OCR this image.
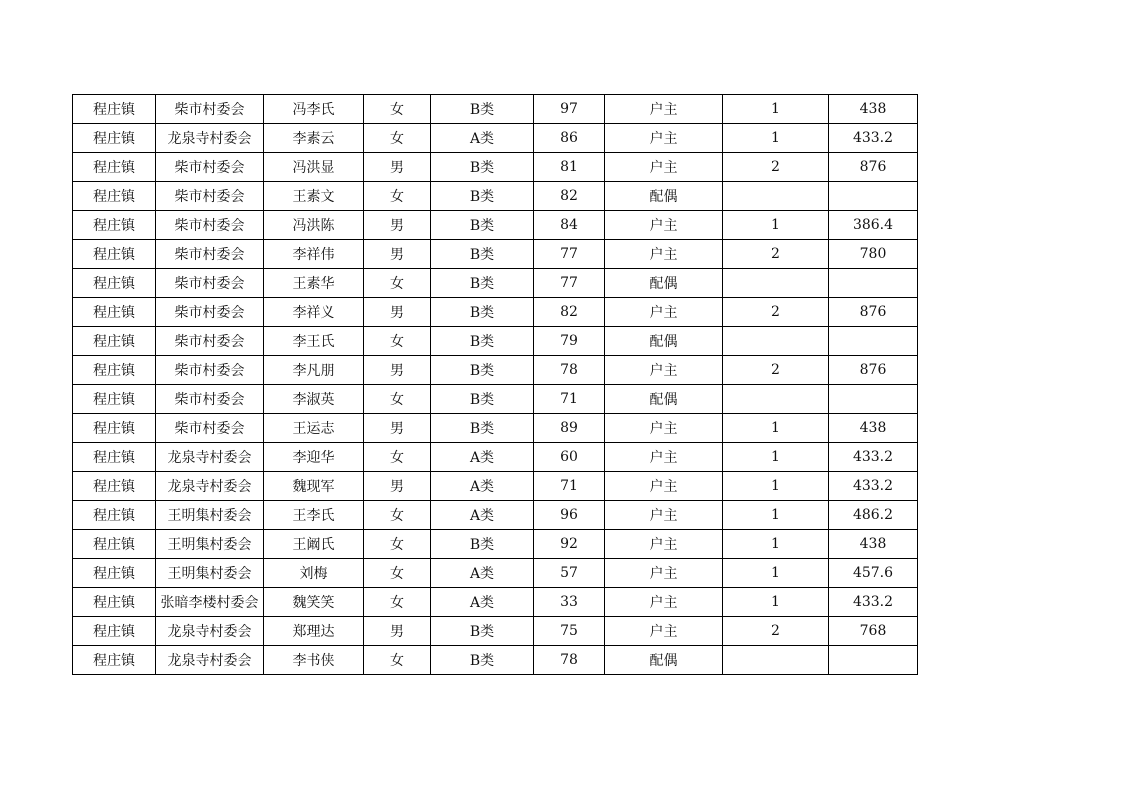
程庄镇	柴市村委会	冯李氏	女	B类	97	户主	1	438
程庄镇	龙泉寺村委会	李素云	女	A类	86	户主	1	433.2
程庄镇	柴市村委会	冯洪显	男	B类	81	户主	2	876
程庄镇	柴市村委会	王素文	女	B类	82	配偶		
程庄镇	柴市村委会	冯洪陈	男	B类	84	户主	1	386.4
程庄镇	柴市村委会	李祥伟	男	B类	77	户主	2	780
程庄镇	柴市村委会	王素华	女	B类	77	配偶		
程庄镇	柴市村委会	李祥义	男	B类	82	户主	2	876
程庄镇	柴市村委会	李王氏	女	B类	79	配偶		
程庄镇	柴市村委会	李凡朋	男	B类	78	户主	2	876
程庄镇	柴市村委会	李淑英	女	B类	71	配偶		
程庄镇	柴市村委会	王运志	男	B类	89	户主	1	438
程庄镇	龙泉寺村委会	李迎华	女	A类	60	户主	1	433.2
程庄镇	龙泉寺村委会	魏现军	男	A类	71	户主	1	433.2
程庄镇	王明集村委会	王李氏	女	A类	96	户主	1	486.2
程庄镇	王明集村委会	王阚氏	女	B类	92	户主	1	438
程庄镇	王明集村委会	刘梅	女	A类	57	户主	1	457.6
程庄镇	张暗李楼村委会	魏笑笑	女	A类	33	户主	1	433.2
程庄镇	龙泉寺村委会	郑理达	男	B类	75	户主	2	768
程庄镇	龙泉寺村委会	李书侠	女	B类	78	配偶		
